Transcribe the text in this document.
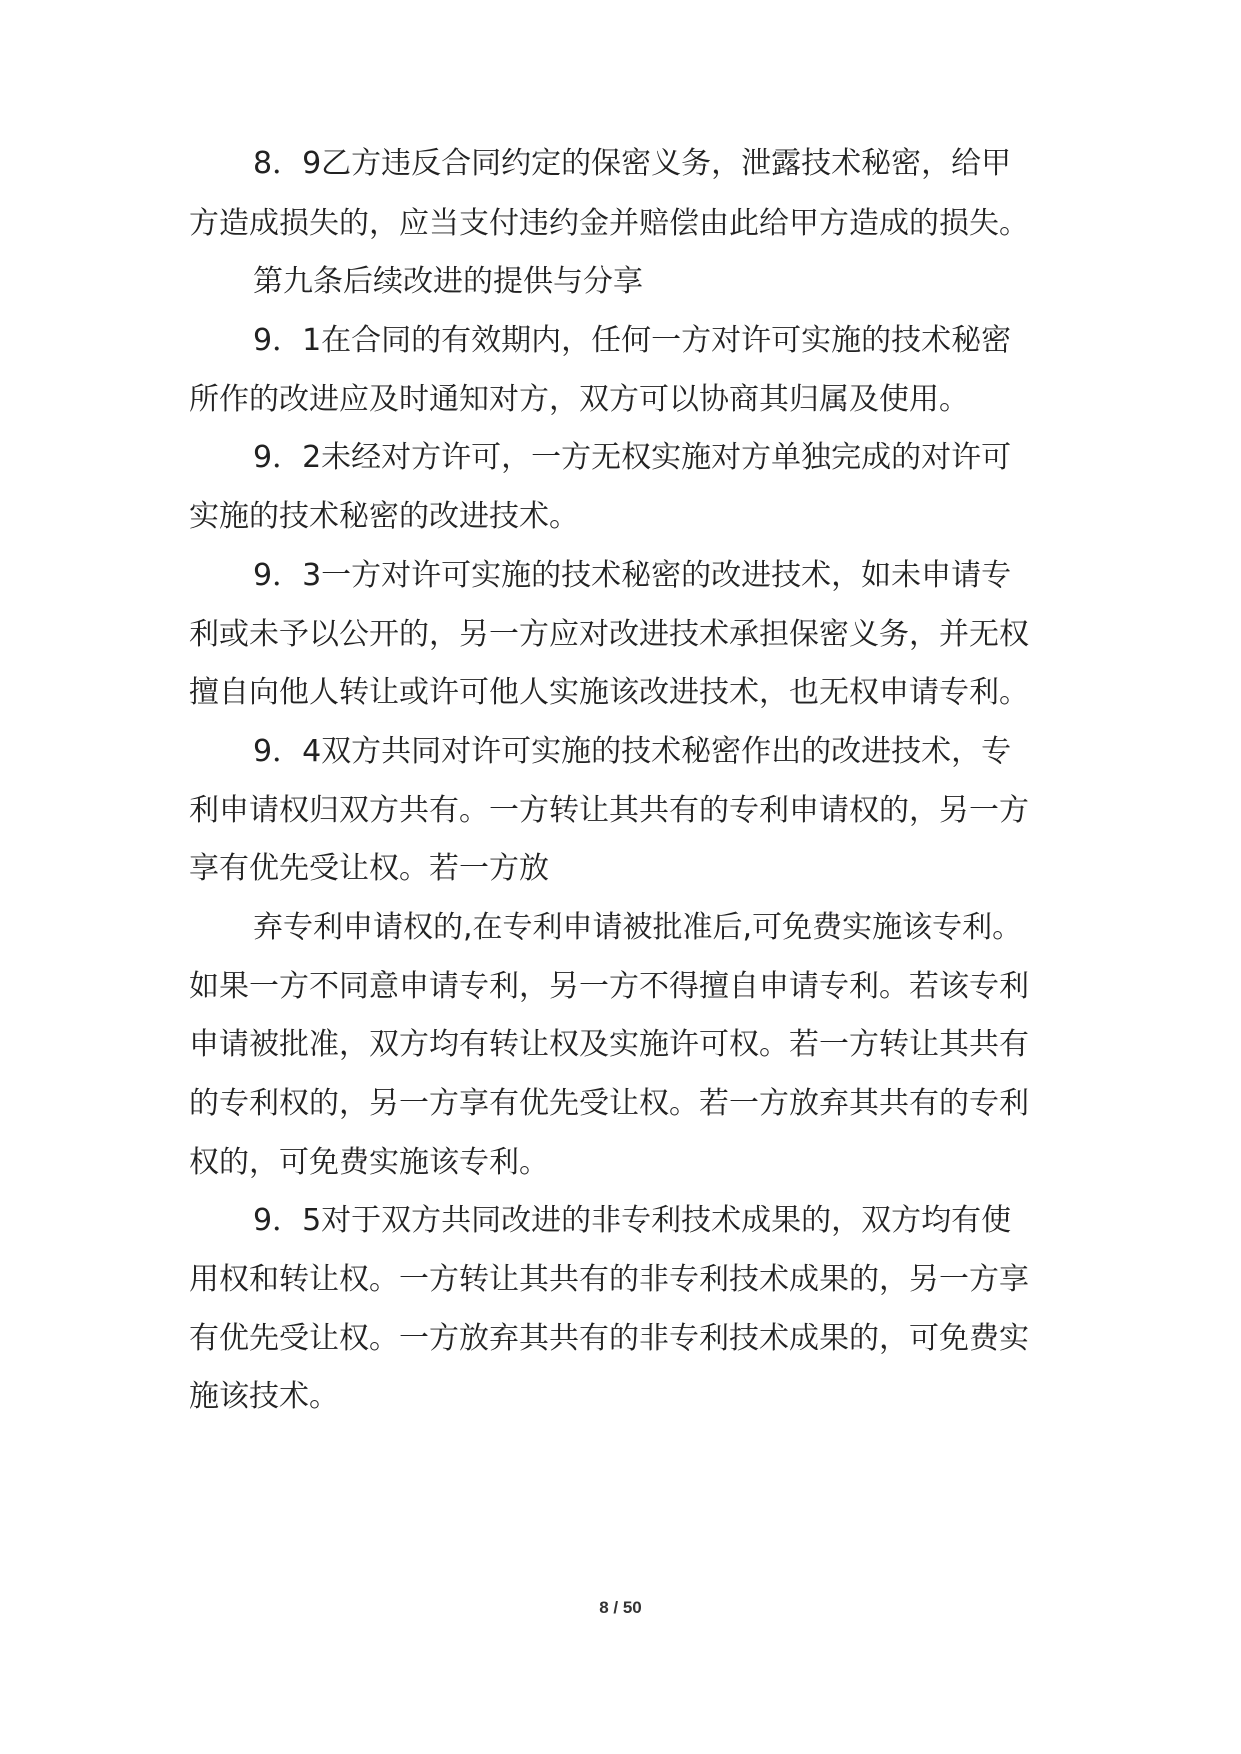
8．9乙方违反合同约定的保密义务，泄露技术秘密，给甲
方造成损失的，应当支付违约金并赔偿由此给甲方造成的损失。
第九条后续改进的提供与分享
9．1在合同的有效期内，任何一方对许可实施的技术秘密
所作的改进应及时通知对方，双方可以协商其归属及使用。
9．2未经对方许可，一方无权实施对方单独完成的对许可
实施的技术秘密的改进技术。
9．3一方对许可实施的技术秘密的改进技术，如未申请专
利或未予以公开的，另一方应对改进技术承担保密义务，并无权
擅自向他人转让或许可他人实施该改进技术，也无权申请专利。
9．4双方共同对许可实施的技术秘密作出的改进技术，专
利申请权归双方共有。一方转让其共有的专利申请权的，另一方
享有优先受让权。若一方放
弃专利申请权的,在专利申请被批准后,可免费实施该专利。
如果一方不同意申请专利，另一方不得擅自申请专利。若该专利
申请被批准，双方均有转让权及实施许可权。若一方转让其共有
的专利权的，另一方享有优先受让权。若一方放弃其共有的专利
权的，可免费实施该专利。
9．5对于双方共同改进的非专利技术成果的，双方均有使
用权和转让权。一方转让其共有的非专利技术成果的，另一方享
有优先受让权。一方放弃其共有的非专利技术成果的，可免费实
施该技术。
8 / 50
